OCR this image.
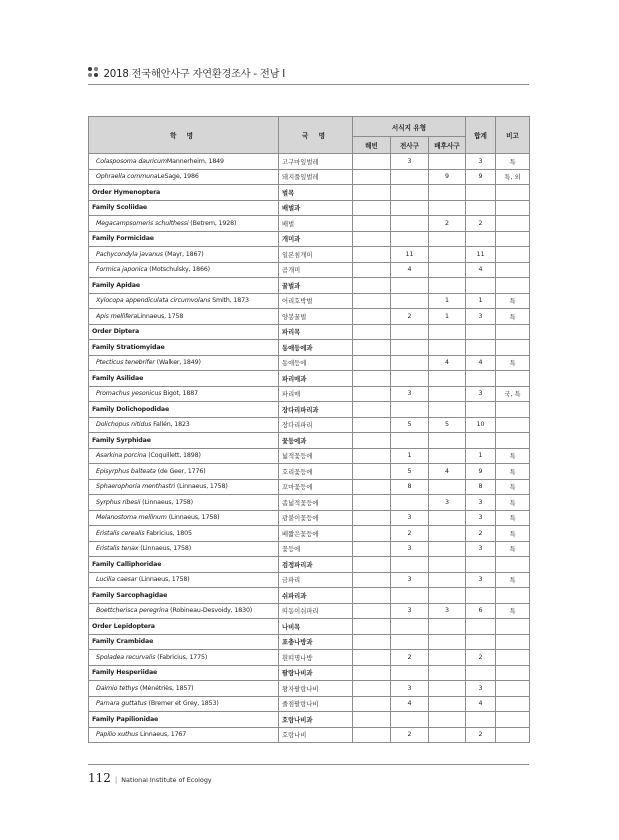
2018 전국해안사구 자연환경조사 - 전남 I
학 명	국 명	서식지 유형			합계	비고
		해빈	전사구	배후사구		
Colasposoma dauricumMannerheim, 1849	고구마잎벌레		3		3	특
Ophraella communaLeSage, 1986	돼지풀잎벌레			9	9	특, 외
Order Hymenoptera	벌목					
Family Scoliidae	배벌과					
Megacampsomeris schulthessi (Betrem, 1928)	배벌			2	2	
Family Formicidae	개미과					
Pachycondyla javanus (Mayr, 1867)	일본침개미		11		11	
Formica japonica (Motschulsky, 1866)	곰개미		4		4	
Family Apidae	꿀벌과					
Xylocopa appendiculata circumvolans Smith, 1873	어리호박벌			1	1	특
Apis melliferaLinnaeus, 1758	양봉꿀벌		2	1	3	특
Order Diptera	파리목					
Family Stratiomyidae	동애등에과					
Ptecticus tenebrifer (Walker, 1849)	동애등에			4	4	특
Family Asilidae	파리매과					
Promachus yesonicus Bigot, 1887	파리매		3		3	국, 특
Family Dolichopodidae	장다리파리과					
Dolichopus nitidus Fallén, 1823	장다리파리		5	5	10	
Family Syrphidae	꽃등에과					
Asarkina porcina (Coquillett, 1898)	넓적꽃등에		1		1	특
Episyrphus balteata (de Geer, 1776)	호리꽃등에		5	4	9	특
Sphaerophoria menthastri (Linnaeus, 1758)	꼬마꽃등에		8		8	특
Syrphus ribesii (Linnaeus, 1758)	좀넓적꽃등에			3	3	특
Melanostoma mellinum (Linnaeus, 1758)	광붙이꽃등에		3		3	특
Eristalis cerealis Fabricius, 1805	배짧은꽃등에		2		2	특
Eristalis tenax (Linnaeus, 1758)	꽃등에		3		3	특
Family Calliphoridae	검정파리과					
Lucilia caesar (Linnaeus, 1758)	금파리		3		3	특
Family Sarcophagidae	쉬파리과					
Boettcherisca peregrina (Robineau-Desvoidy, 1830)	띠동이쉬파리		3	3	6	특
Order Lepidoptera	나비목					
Family Crambidae	포충나방과					
Spoladea recurvalis (Fabricius, 1775)	흰띠명나방		2		2	
Family Hesperiidae	팔랑나비과					
Daimio tethys (Ménétriès, 1857)	왕자팔랑나비		3		3	
Parnara guttatus (Bremer et Grey, 1853)	줄점팔랑나비		4		4	
Family Papilionidae	호랑나비과					
Papilio xuthus Linnaeus, 1767	호랑나비		2		2	
112 | National Institute of Ecology
